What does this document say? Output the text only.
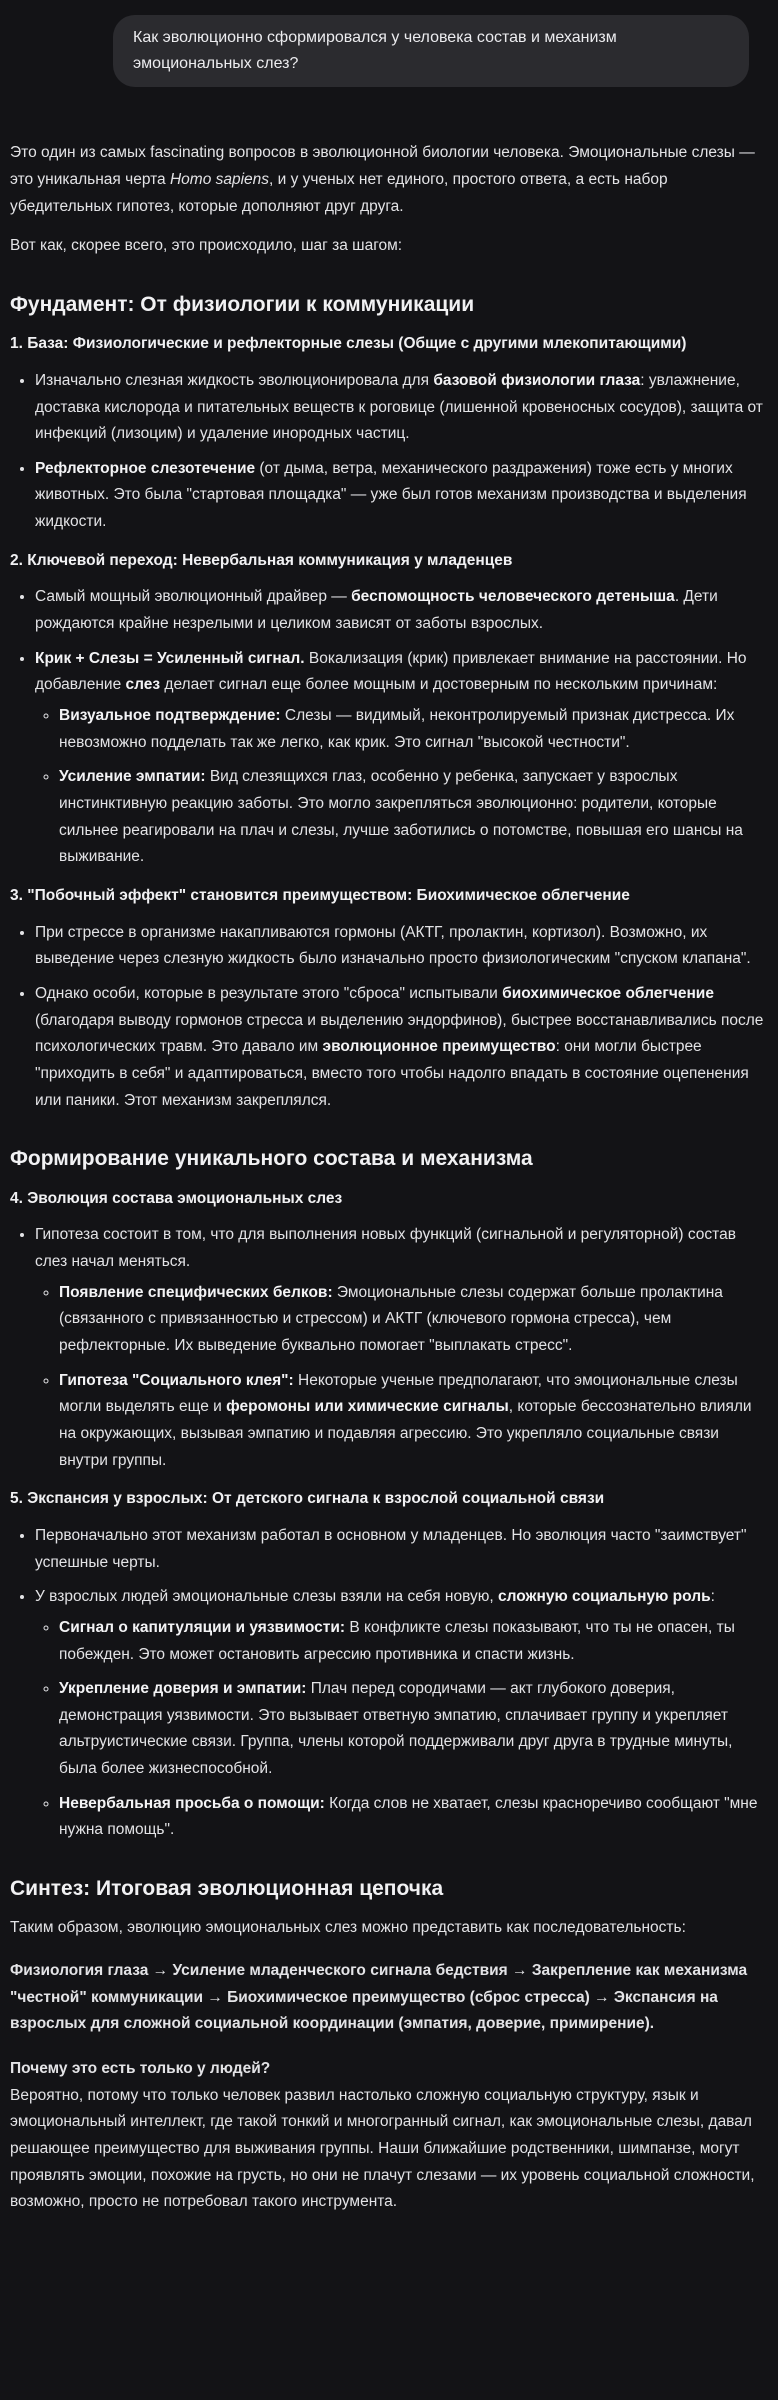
Как эволюционно сформировался у человека состав и механизм эмоциональных слез?

Это один из самых fascinating вопросов в эволюционной биологии человека. Эмоциональные слезы — это уникальная черта Homo sapiens, и у ученых нет единого, простого ответа, а есть набор убедительных гипотез, которые дополняют друг друга.

Вот как, скорее всего, это происходило, шаг за шагом:

Фундамент: От физиологии к коммуникации
1. База: Физиологические и рефлекторные слезы (Общие с другими млекопитающими)
• Изначально слезная жидкость эволюционировала для базовой физиологии глаза: увлажнение, доставка кислорода и питательных веществ к роговице (лишенной кровеносных сосудов), защита от инфекций (лизоцим) и удаление инородных частиц.
• Рефлекторное слезотечение (от дыма, ветра, механического раздражения) тоже есть у многих животных. Это была "стартовая площадка" — уже был готов механизм производства и выделения жидкости.
2. Ключевой переход: Невербальная коммуникация у младенцев
• Самый мощный эволюционный драйвер — беспомощность человеческого детеныша. Дети рождаются крайне незрелыми и целиком зависят от заботы взрослых.
• Крик + Слезы = Усиленный сигнал. Вокализация (крик) привлекает внимание на расстоянии. Но добавление слез делает сигнал еще более мощным и достоверным по нескольким причинам:
◦ Визуальное подтверждение: Слезы — видимый, неконтролируемый признак дистресса. Их невозможно подделать так же легко, как крик. Это сигнал "высокой честности".
◦ Усиление эмпатии: Вид слезящихся глаз, особенно у ребенка, запускает у взрослых инстинктивную реакцию заботы. Это могло закрепляться эволюционно: родители, которые сильнее реагировали на плач и слезы, лучше заботились о потомстве, повышая его шансы на выживание.
3. "Побочный эффект" становится преимуществом: Биохимическое облегчение
• При стрессе в организме накапливаются гормоны (АКТГ, пролактин, кортизол). Возможно, их выведение через слезную жидкость было изначально просто физиологическим "спуском клапана".
• Однако особи, которые в результате этого "сброса" испытывали биохимическое облегчение (благодаря выводу гормонов стресса и выделению эндорфинов), быстрее восстанавливались после психологических травм. Это давало им эволюционное преимущество: они могли быстрее "приходить в себя" и адаптироваться, вместо того чтобы надолго впадать в состояние оцепенения или паники. Этот механизм закреплялся.
Формирование уникального состава и механизма
4. Эволюция состава эмоциональных слез
• Гипотеза состоит в том, что для выполнения новых функций (сигнальной и регуляторной) состав слез начал меняться.
◦ Появление специфических белков: Эмоциональные слезы содержат больше пролактина (связанного с привязанностью и стрессом) и АКТГ (ключевого гормона стресса), чем рефлекторные. Их выведение буквально помогает "выплакать стресс".
◦ Гипотеза "Социального клея": Некоторые ученые предполагают, что эмоциональные слезы могли выделять еще и феромоны или химические сигналы, которые бессознательно влияли на окружающих, вызывая эмпатию и подавляя агрессию. Это укрепляло социальные связи внутри группы.
5. Экспансия у взрослых: От детского сигнала к взрослой социальной связи
• Первоначально этот механизм работал в основном у младенцев. Но эволюция часто "заимствует" успешные черты.
• У взрослых людей эмоциональные слезы взяли на себя новую, сложную социальную роль:
◦ Сигнал о капитуляции и уязвимости: В конфликте слезы показывают, что ты не опасен, ты побежден. Это может остановить агрессию противника и спасти жизнь.
◦ Укрепление доверия и эмпатии: Плач перед сородичами — акт глубокого доверия, демонстрация уязвимости. Это вызывает ответную эмпатию, сплачивает группу и укрепляет альтруистические связи. Группа, члены которой поддерживали друг друга в трудные минуты, была более жизнеспособной.
◦ Невербальная просьба о помощи: Когда слов не хватает, слезы красноречиво сообщают "мне нужна помощь".
Синтез: Итоговая эволюционная цепочка

Таким образом, эволюцию эмоциональных слез можно представить как последовательность:

Физиология глаза → Усиление младенческого сигнала бедствия → Закрепление как механизма "честной" коммуникации → Биохимическое преимущество (сброс стресса) → Экспансия на взрослых для сложной социальной координации (эмпатия, доверие, примирение).

Почему это есть только у людей?

Вероятно, потому что только человек развил настолько сложную социальную структуру, язык и эмоциональный интеллект, где такой тонкий и многогранный сигнал, как эмоциональные слезы, давал решающее преимущество для выживания группы. Наши ближайшие родственники, шимпанзе, могут проявлять эмоции, похожие на грусть, но они не плачут слезами — их уровень социальной сложности, возможно, просто не потребовал такого инструмента.
